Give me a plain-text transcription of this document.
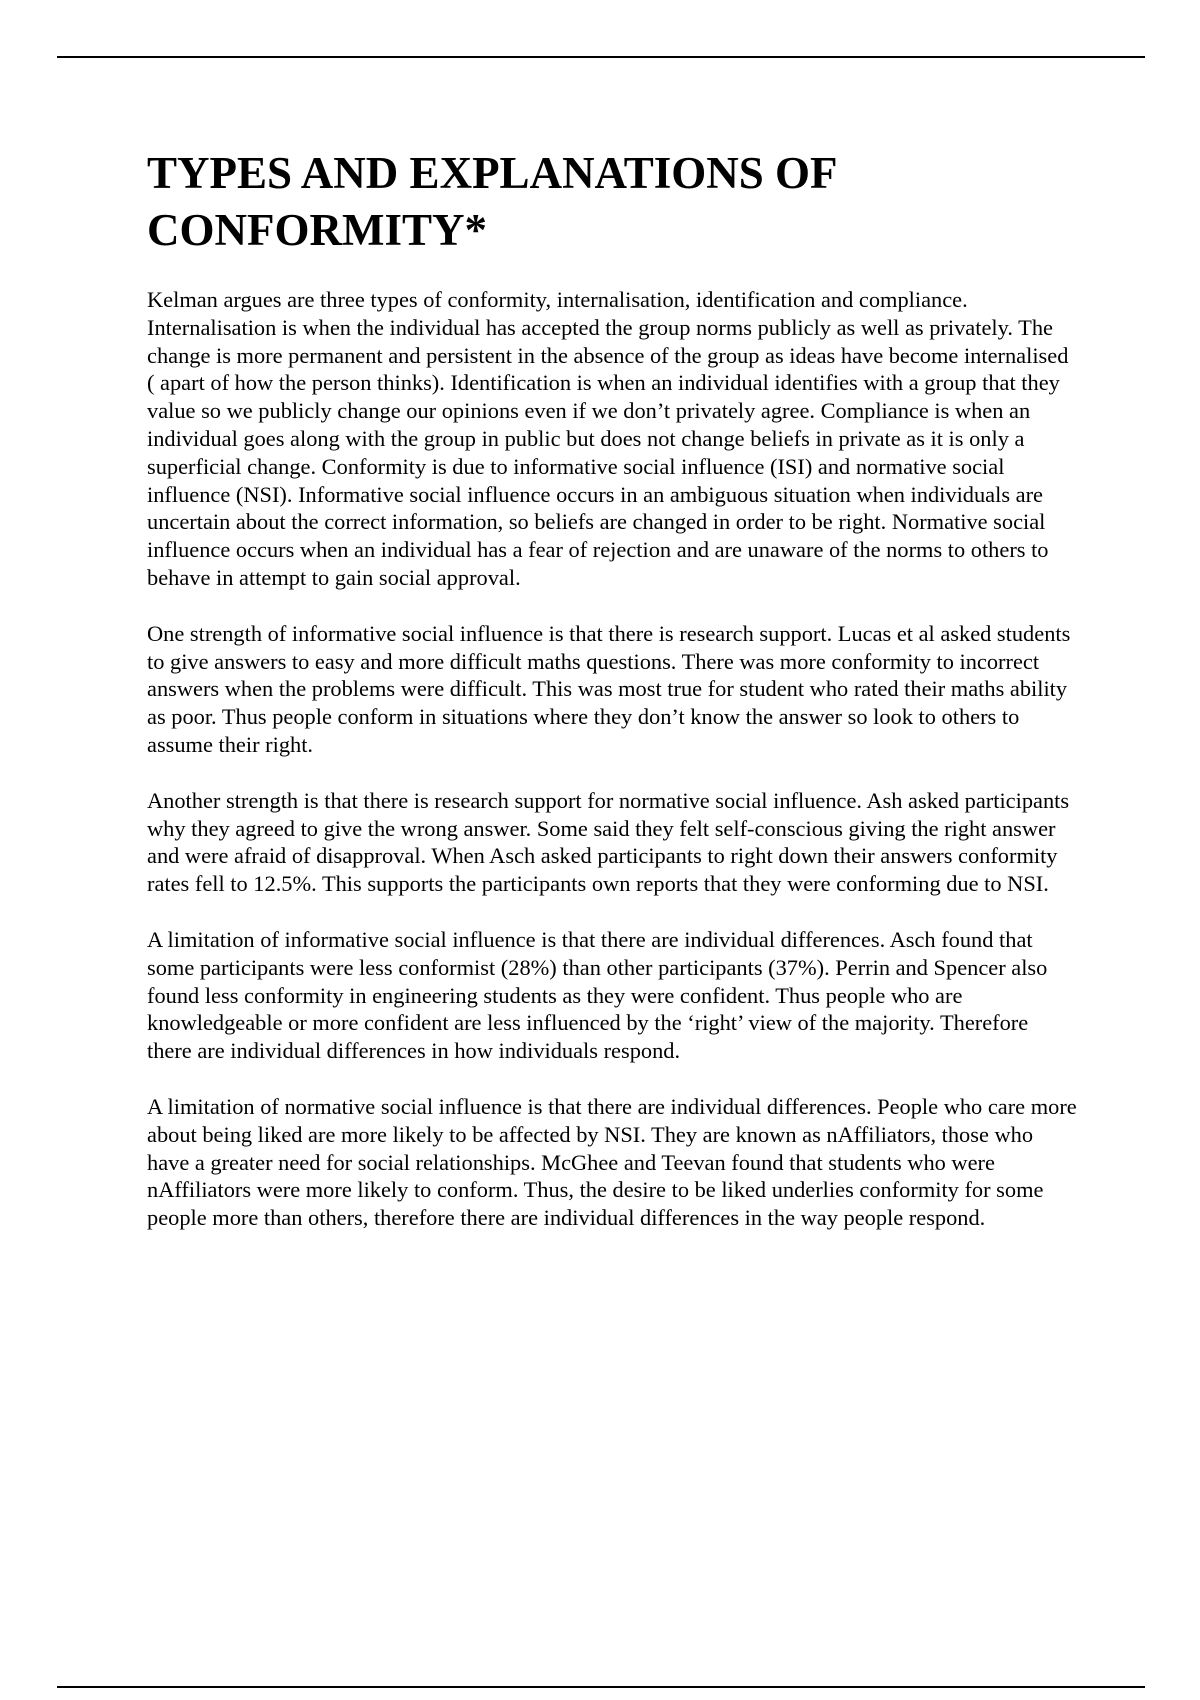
TYPES AND EXPLANATIONS OF CONFORMITY*

Kelman argues are three types of conformity, internalisation, identification and compliance. Internalisation is when the individual has accepted the group norms publicly as well as privately. The change is more permanent and persistent in the absence of the group as ideas have become internalised ( apart of how the person thinks). Identification is when an individual identifies with a group that they value so we publicly change our opinions even if we don’t privately agree. Compliance is when an individual goes along with the group in public but does not change beliefs in private as it is only a superficial change. Conformity is due to informative social influence (ISI) and normative social influence (NSI). Informative social influence occurs in an ambiguous situation when individuals are uncertain about the correct information, so beliefs are changed in order to be right. Normative social influence occurs when an individual has a fear of rejection and are unaware of the norms to others to behave in attempt to gain social approval.

One strength of informative social influence is that there is research support. Lucas et al asked students to give answers to easy and more difficult maths questions. There was more conformity to incorrect answers when the problems were difficult. This was most true for student who rated their maths ability as poor. Thus people conform in situations where they don’t know the answer so look to others to assume their right.

Another strength is that there is research support for normative social influence. Ash asked participants why they agreed to give the wrong answer. Some said they felt self-conscious giving the right answer and were afraid of disapproval. When Asch asked participants to right down their answers conformity rates fell to 12.5%. This supports the participants own reports that they were conforming due to NSI.

A limitation of informative social influence is that there are individual differences. Asch found that some participants were less conformist (28%) than other participants (37%). Perrin and Spencer also found less conformity in engineering students as they were confident. Thus people who are knowledgeable or more confident are less influenced by the ‘right’ view of the majority. Therefore there are individual differences in how individuals respond.

A limitation of normative social influence is that there are individual differences. People who care more about being liked are more likely to be affected by NSI. They are known as nAffiliators, those who have a greater need for social relationships. McGhee and Teevan found that students who were nAffiliators were more likely to conform. Thus, the desire to be liked underlies conformity for some people more than others, therefore there are individual differences in the way people respond.
